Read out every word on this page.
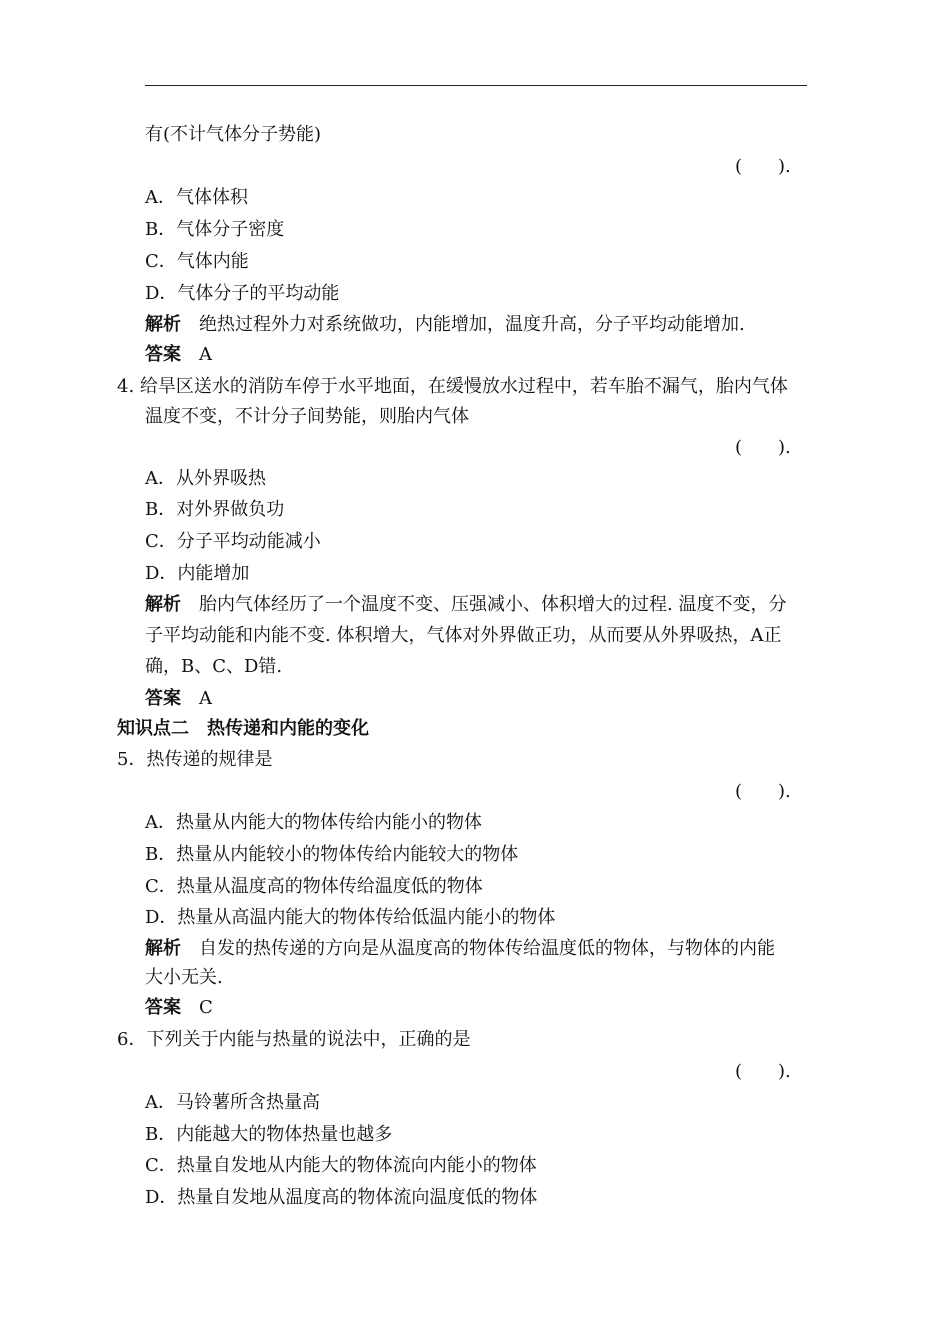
有(不计气体分子势能)
(　　).
A．气体体积
B．气体分子密度
C．气体内能
D．气体分子的平均动能
解析 绝热过程外力对系统做功，内能增加，温度升高，分子平均动能增加.
答案 A
4. 给旱区送水的消防车停于水平地面，在缓慢放水过程中，若车胎不漏气，胎内气体
温度不变，不计分子间势能，则胎内气体
(　　).
A．从外界吸热
B．对外界做负功
C．分子平均动能减小
D．内能增加
解析 胎内气体经历了一个温度不变、压强减小、体积增大的过程. 温度不变，分
子平均动能和内能不变. 体积增大，气体对外界做正功，从而要从外界吸热，A正
确，B、C、D错.
答案 A
知识点二　热传递和内能的变化
5．热传递的规律是
(　　).
A．热量从内能大的物体传给内能小的物体
B．热量从内能较小的物体传给内能较大的物体
C．热量从温度高的物体传给温度低的物体
D．热量从高温内能大的物体传给低温内能小的物体
解析 自发的热传递的方向是从温度高的物体传给温度低的物体，与物体的内能
大小无关.
答案 C
6．下列关于内能与热量的说法中，正确的是
(　　).
A．马铃薯所含热量高
B．内能越大的物体热量也越多
C．热量自发地从内能大的物体流向内能小的物体
D．热量自发地从温度高的物体流向温度低的物体
